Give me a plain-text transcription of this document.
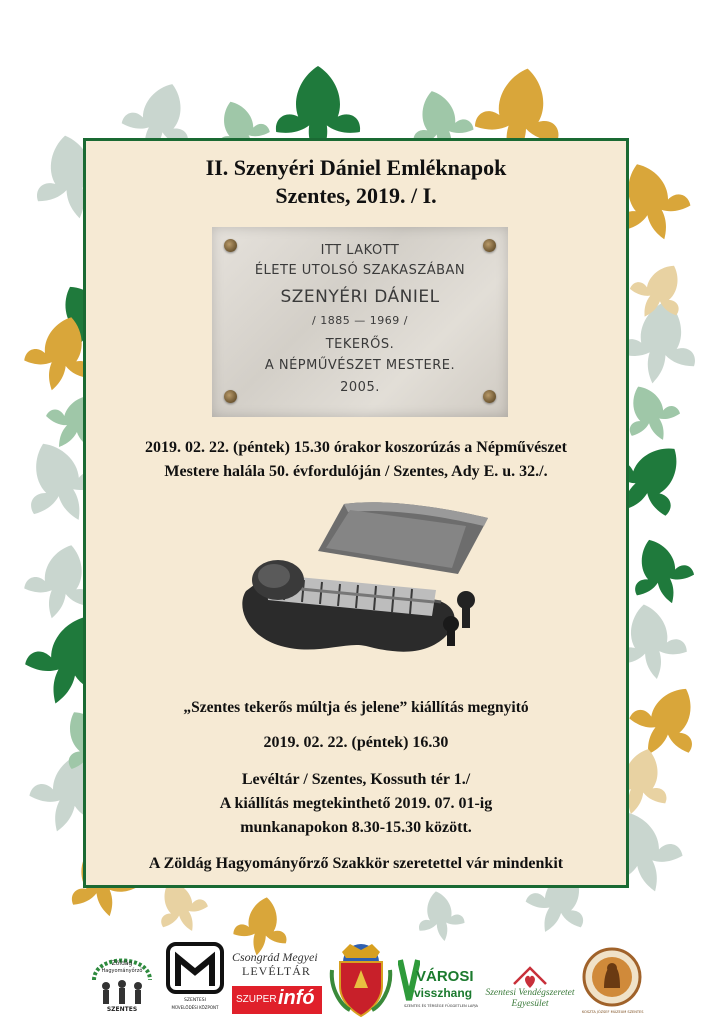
II. Szenyéri Dániel Emléknapok
Szentes, 2019. / I.
ITT LAKOTT
ÉLETE UTOLSÓ SZAKASZÁBAN
SZENYÉRI DÁNIEL
/ 1885 — 1969 /
TEKERŐS.
A NÉPMŰVÉSZET MESTERE.
2005.
2019. 02. 22. (péntek) 15.30 órakor koszorúzás a Népművészet
Mestere halála 50. évfordulóján / Szentes, Ady E. u. 32./.
„Szentes tekerős múltja és jelene” kiállítás megnyitó
2019. 02. 22. (péntek) 16.30
Levéltár / Szentes, Kossuth tér 1./
A kiállítás megtekinthető 2019. 07. 01-ig
munkanapokon 8.30-15.30 között.
A Zöldág Hagyományőrző Szakkör szeretettel vár mindenkit
Zöldág
Hagyományőrző
SZENTES
SZENTESI
MŰVELŐDÉSI KÖZPONT
Csongrád Megyei
LEVÉLTÁR
SZUPER infó
VÁROSI
visszhang
SZENTES ÉS TÉRSÉGE FÜGGETLEN LAPJA
Szentesi Vendégszeretet
Egyesület
KOSZTA JÓZSEF MÚZEUM SZENTES
